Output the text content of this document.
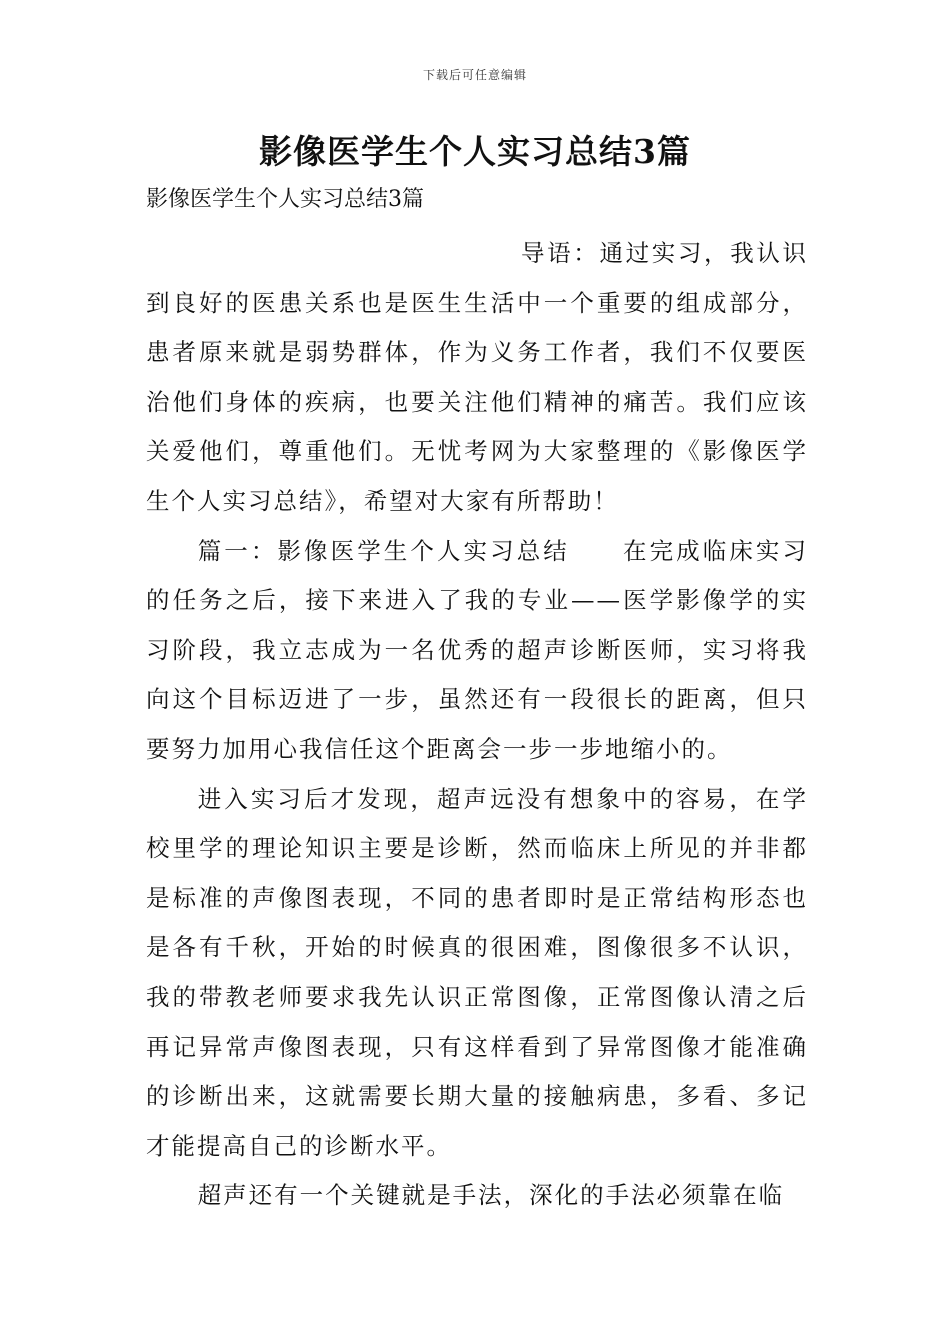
下载后可任意编辑
影像医学生个人实习总结3篇
影像医学生个人实习总结3篇

导语：通过实习，我认识到良好的医患关系也是医生生活中一个重要的组成部分，患者原来就是弱势群体，作为义务工作者，我们不仅要医治他们身体的疾病，也要关注他们精神的痛苦。我们应该关爱他们，尊重他们。无忧考网为大家整理的《影像医学生个人实习总结》，希望对大家有所帮助！

篇一：影像医学生个人实习总结 在完成临床实习的任务之后，接下来进入了我的专业——医学影像学的实习阶段，我立志成为一名优秀的超声诊断医师，实习将我向这个目标迈进了一步，虽然还有一段很长的距离，但只要努力加用心我信任这个距离会一步一步地缩小的。

进入实习后才发现，超声远没有想象中的容易，在学校里学的理论知识主要是诊断，然而临床上所见的并非都是标准的声像图表现，不同的患者即时是正常结构形态也是各有千秋，开始的时候真的很困难，图像很多不认识，我的带教老师要求我先认识正常图像，正常图像认清之后再记异常声像图表现，只有这样看到了异常图像才能准确的诊断出来，这就需要长期大量的接触病患，多看、多记才能提高自己的诊断水平。

超声还有一个关键就是手法，深化的手法必须靠在临
